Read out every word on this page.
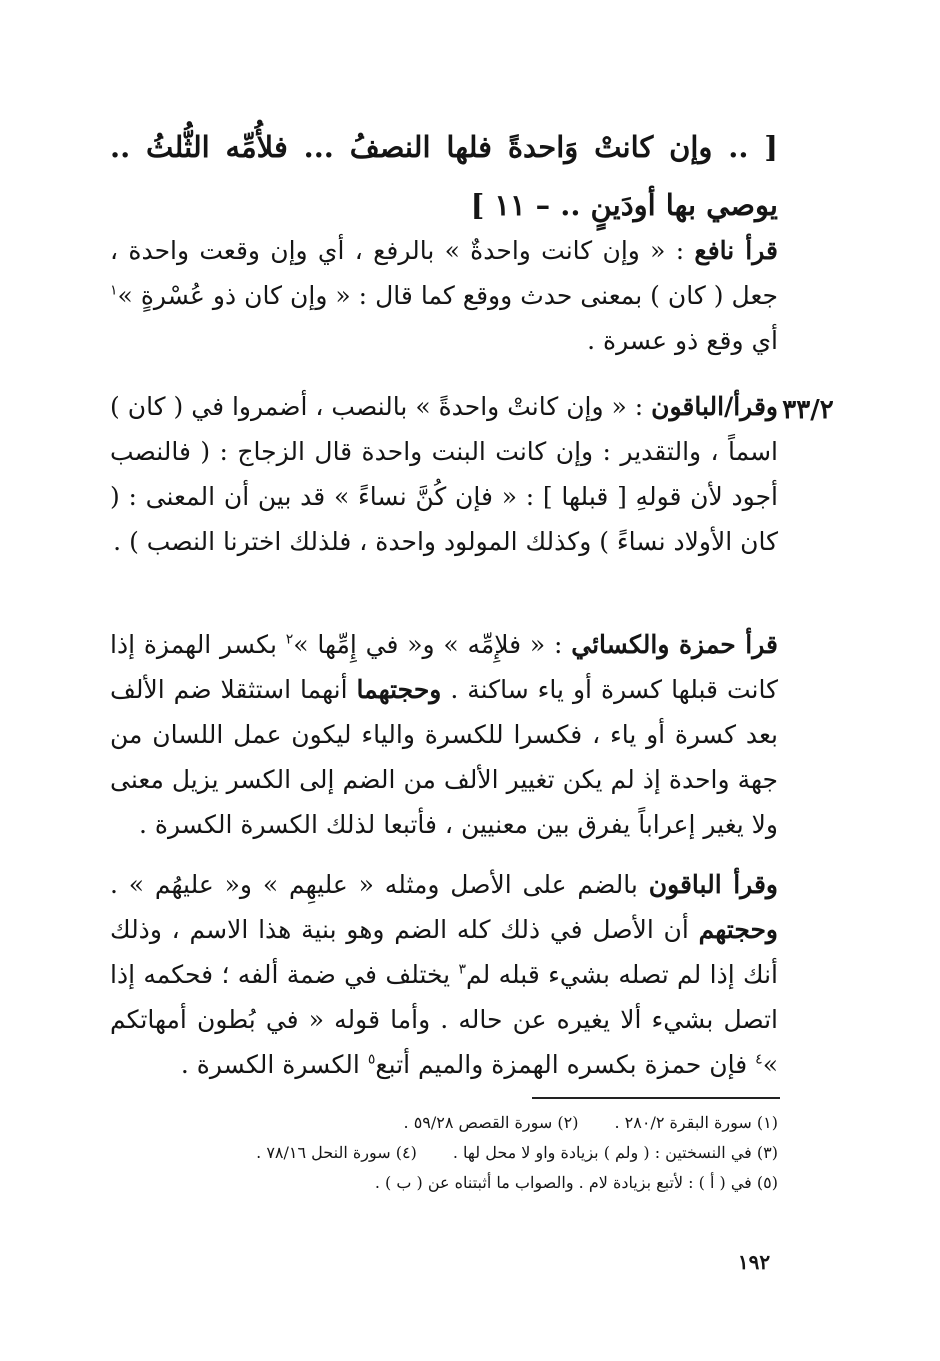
[ .. وإن كانتْ وَاحدةً فلها النصفُ ... فلأُمِّه الثُّلثُ .. يوصي بها أودَينٍ .. – ١١ ]
قرأ نافع : « وإن كانت واحدةٌ » بالرفع ، أي وإن وقعت واحدة ، جعل ( كان ) بمعنى حدث ووقع كما قال : « وإن كان ذو عُسْرةٍ »$^١$ أي وقع ذو عسرة .
٣٣/٢
وقرأ/الباقون : « وإن كانتْ واحدةً » بالنصب ، أضمروا في ( كان ) اسماً ، والتقدير : وإن كانت البنت واحدة قال الزجاج : ( فالنصب أجود لأن قولهِ [ قبلها ] : « فإن كُنَّ نساءً » قد بين أن المعنى : ( كان الأولاد نساءً ) وكذلك المولود واحدة ، فلذلك اخترنا النصب ) .
قرأ حمزة والكسائي : « فلإِمِّه » و« في إِمِّها »$^٢$ بكسر الهمزة إذا كانت قبلها كسرة أو ياء ساكنة . وحجتهما أنهما استثقلا ضم الألف بعد كسرة أو ياء ، فكسرا للكسرة والياء ليكون عمل اللسان من جهة واحدة إذ لم يكن تغيير الألف من الضم إلى الكسر يزيل معنى ولا يغير إعراباً يفرق بين معنيين ، فأتبعا لذلك الكسرة الكسرة .
وقرأ الباقون بالضم على الأصل ومثله « عليهِم » و« عليهُم » . وحجتهم أن الأصل في ذلك كله الضم وهو بنية هذا الاسم ، وذلك أنك إذا لم تصله بشيء قبله لم$^٣$ يختلف في ضمة ألفه ؛ فحكمه إذا اتصل بشيء ألا يغيره عن حاله . وأما قوله « في بُطون أمهاتكم »$^٤$ فإن حمزة بكسره الهمزة والميم أتبع$^٥$ الكسرة الكسرة .
(١) سورة البقرة ٢٨٠/٢ .(٢) سورة القصص ٥٩/٢٨ .
(٣) في النسختين : ( ولم ) بزيادة واو لا محل لها .(٤) سورة النحل ٧٨/١٦ .
(٥) في ( أ ) : لأتبع بزيادة لام . والصواب ما أثبتناه عن ( ب ) .
١٩٢
